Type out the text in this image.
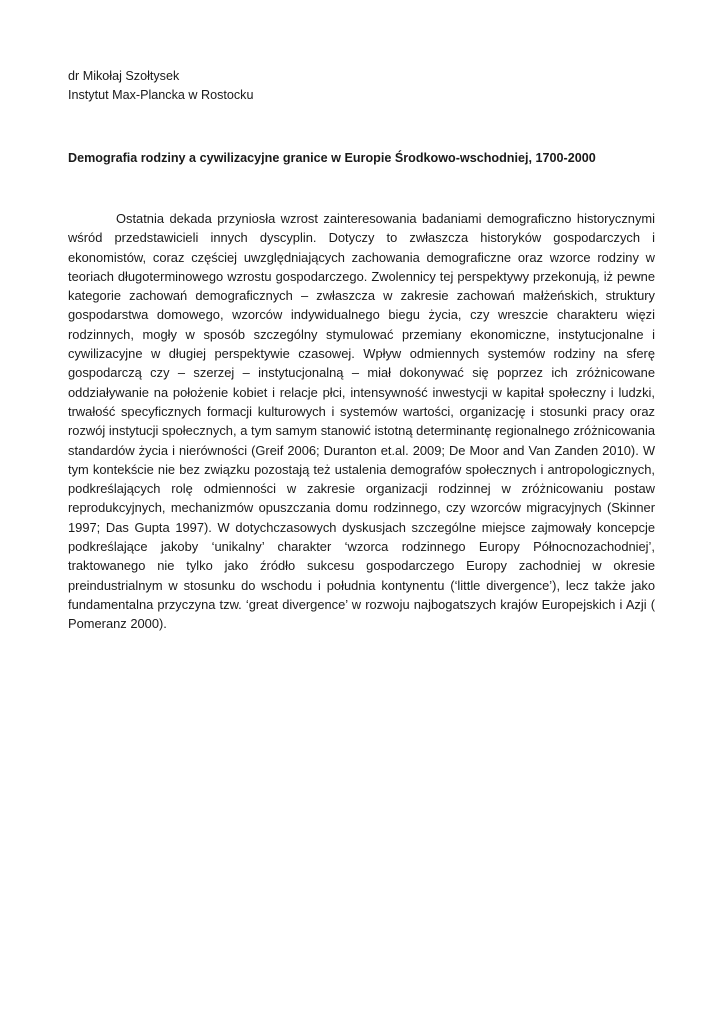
dr Mikołaj Szołtysek
Instytut Max-Plancka w Rostocku
Demografia rodziny a cywilizacyjne granice w Europie Środkowo-wschodniej, 1700-2000

Ostatnia dekada przyniosła wzrost zainteresowania badaniami demograficzno historycznymi wśród przedstawicieli innych dyscyplin. Dotyczy to zwłaszcza historyków gospodarczych i ekonomistów, coraz częściej uwzględniających zachowania demograficzne oraz wzorce rodziny w teoriach długoterminowego wzrostu gospodarczego. Zwolennicy tej perspektywy przekonują, iż pewne kategorie zachowań demograficznych – zwłaszcza w zakresie zachowań małżeńskich, struktury gospodarstwa domowego, wzorców indywidualnego biegu życia, czy wreszcie charakteru więzi rodzinnych, mogły w sposób szczególny stymulować przemiany ekonomiczne, instytucjonalne i cywilizacyjne w długiej perspektywie czasowej. Wpływ odmiennych systemów rodziny na sferę gospodarczą czy – szerzej – instytucjonalną – miał dokonywać się poprzez ich zróżnicowane oddziaływanie na położenie kobiet i relacje płci, intensywność inwestycji w kapitał społeczny i ludzki, trwałość specyficznych formacji kulturowych i systemów wartości, organizację i stosunki pracy oraz rozwój instytucji społecznych, a tym samym stanowić istotną determinantę regionalnego zróżnicowania standardów życia i nierówności (Greif 2006; Duranton et.al. 2009; De Moor and Van Zanden 2010). W tym kontekście nie bez związku pozostają też ustalenia demografów społecznych i antropologicznych, podkreślających rolę odmienności w zakresie organizacji rodzinnej w zróżnicowaniu postaw reprodukcyjnych, mechanizmów opuszczania domu rodzinnego, czy wzorców migracyjnych (Skinner 1997; Das Gupta 1997). W dotychczasowych dyskusjach szczególne miejsce zajmowały koncepcje podkreślające jakoby ‘unikalny’ charakter ‘wzorca rodzinnego Europy Północnozachodniej’, traktowanego nie tylko jako źródło sukcesu gospodarczego Europy zachodniej w okresie preindustrialnym w stosunku do wschodu i południa kontynentu (‘little divergence’), lecz także jako fundamentalna przyczyna tzw. ‘great divergence’ w rozwoju najbogatszych krajów Europejskich i Azji ( Pomeranz 2000).
